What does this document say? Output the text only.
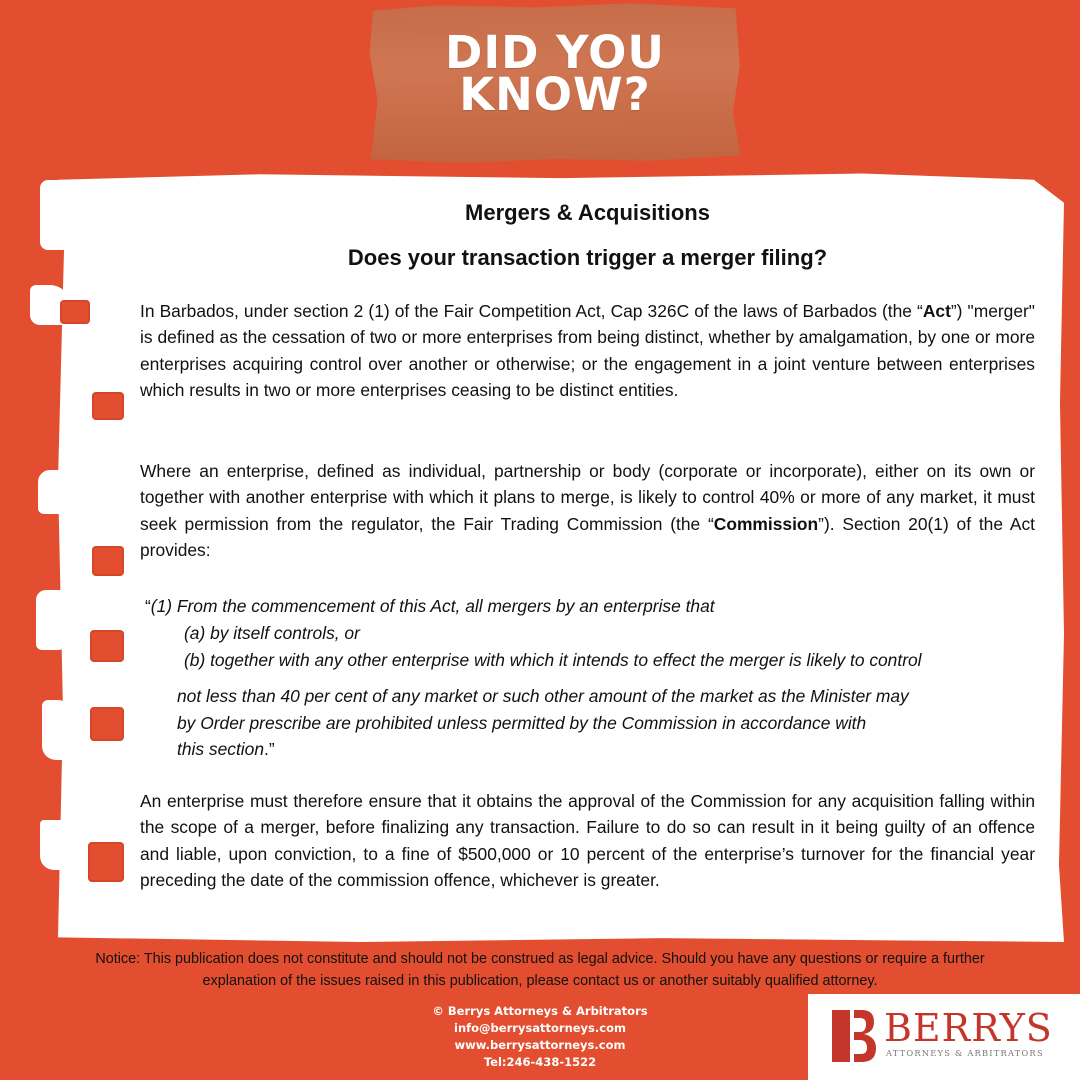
DID YOU
KNOW?
Mergers & Acquisitions
Does your transaction trigger a merger filing?

In Barbados, under section 2 (1) of the Fair Competition Act, Cap 326C of the laws of Barbados (the “Act”) "merger" is defined as the cessation of two or more enterprises from being distinct, whether by amalgamation, by one or more enterprises acquiring control over another or otherwise; or the engagement in a joint venture between enterprises which results in two or more enterprises ceasing to be distinct entities.

Where an enterprise, defined as individual, partnership or body (corporate or incorporate), either on its own or together with another enterprise with which it plans to merge, is likely to control 40% or more of any market, it must seek permission from the regulator, the Fair Trading Commission (the “Commission”). Section 20(1) of the Act provides:

“(1) From the commencement of this Act, all mergers by an enterprise that

(a) by itself controls, or

(b) together with any other enterprise with which it intends to effect the merger is likely to control

not less than 40 per cent of any market or such other amount of the market as the Minister may
by Order prescribe are prohibited unless permitted by the Commission in accordance with
this section.”

An enterprise must therefore ensure that it obtains the approval of the Commission for any acquisition falling within the scope of a merger, before finalizing any transaction. Failure to do so can result in it being guilty of an offence and liable, upon conviction, to a fine of $500,000 or 10 percent of the enterprise’s turnover for the financial year preceding the date of the commission offence, whichever is greater.

Notice: This publication does not constitute and should not be construed as legal advice. Should you have any questions or require a further
explanation of the issues raised in this publication, please contact us or another suitably qualified attorney.
© Berrys Attorneys & Arbitrators
info@berrysattorneys.com
www.berrysattorneys.com
Tel:246-438-1522
BERRYS
ATTORNEYS & ARBITRATORS
